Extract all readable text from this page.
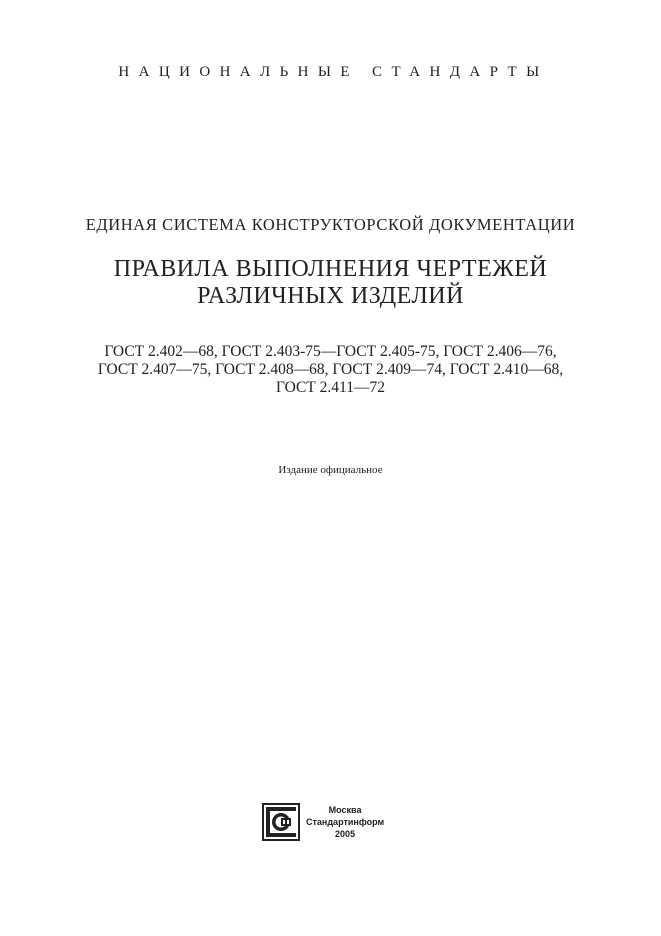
НАЦИОНАЛЬНЫЕ СТАНДАРТЫ
ЕДИНАЯ СИСТЕМА КОНСТРУКТОРСКОЙ ДОКУМЕНТАЦИИ
ПРАВИЛА ВЫПОЛНЕНИЯ ЧЕРТЕЖЕЙ
РАЗЛИЧНЫХ ИЗДЕЛИЙ
ГОСТ 2.402—68, ГОСТ 2.403-75—ГОСТ 2.405-75, ГОСТ 2.406—76,
ГОСТ 2.407—75, ГОСТ 2.408—68, ГОСТ 2.409—74, ГОСТ 2.410—68,
ГОСТ 2.411—72
Издание официальное
Москва
Стандартинформ
2005
